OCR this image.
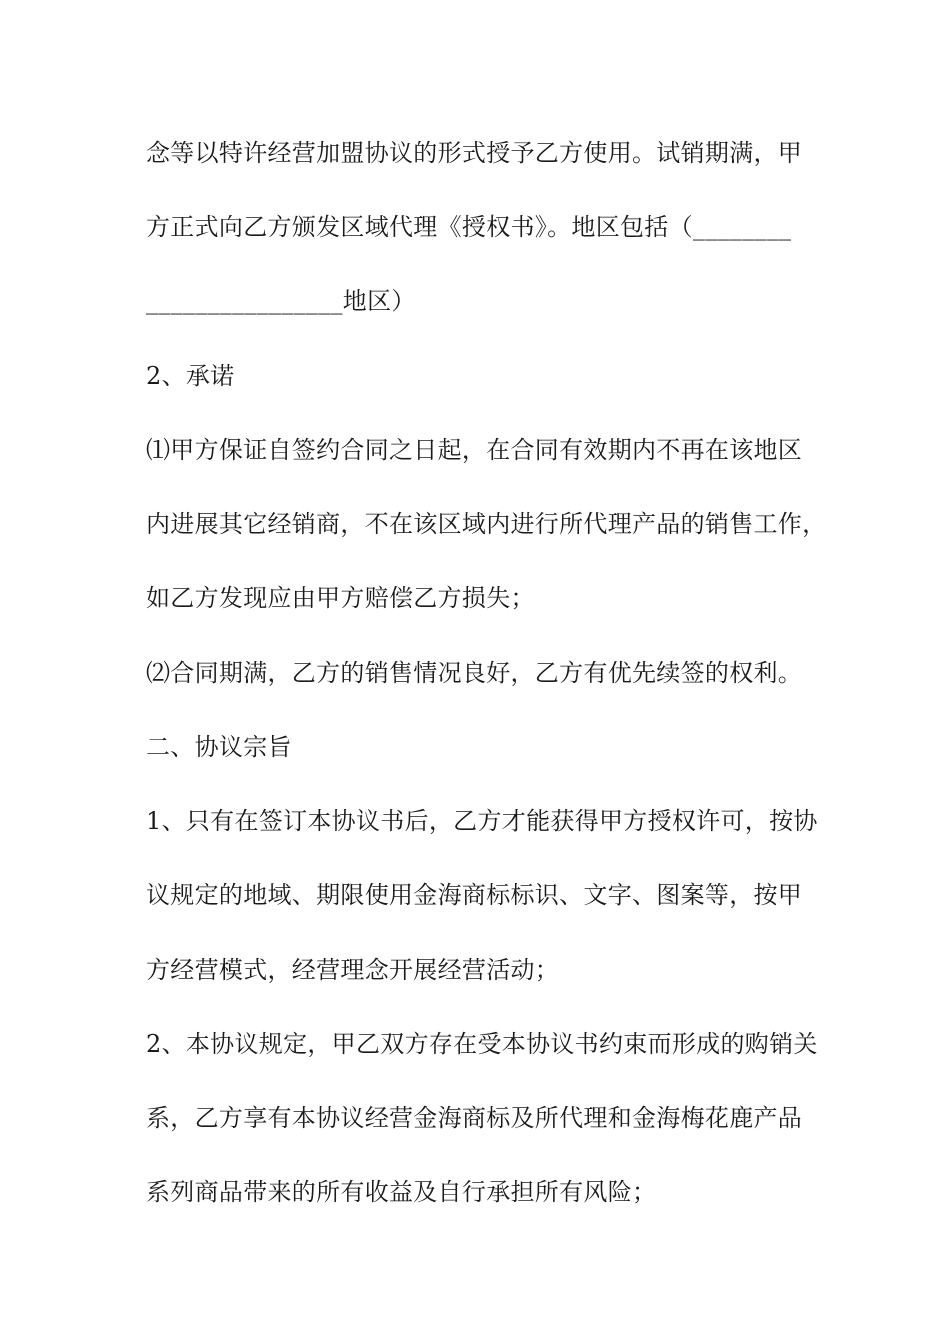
念等以特许经营加盟协议的形式授予乙方使用。试销期满，甲
方正式向乙方颁发区域代理《授权书》。地区包括（________
________________地区）
2、承诺
⑴甲方保证自签约合同之日起，在合同有效期内不再在该地区
内进展其它经销商，不在该区域内进行所代理产品的销售工作，
如乙方发现应由甲方赔偿乙方损失；
⑵合同期满，乙方的销售情况良好，乙方有优先续签的权利。
二、协议宗旨
1、只有在签订本协议书后，乙方才能获得甲方授权许可，按协
议规定的地域、期限使用金海商标标识、文字、图案等，按甲
方经营模式，经营理念开展经营活动；
2、本协议规定，甲乙双方存在受本协议书约束而形成的购销关
系，乙方享有本协议经营金海商标及所代理和金海梅花鹿产品
系列商品带来的所有收益及自行承担所有风险；
